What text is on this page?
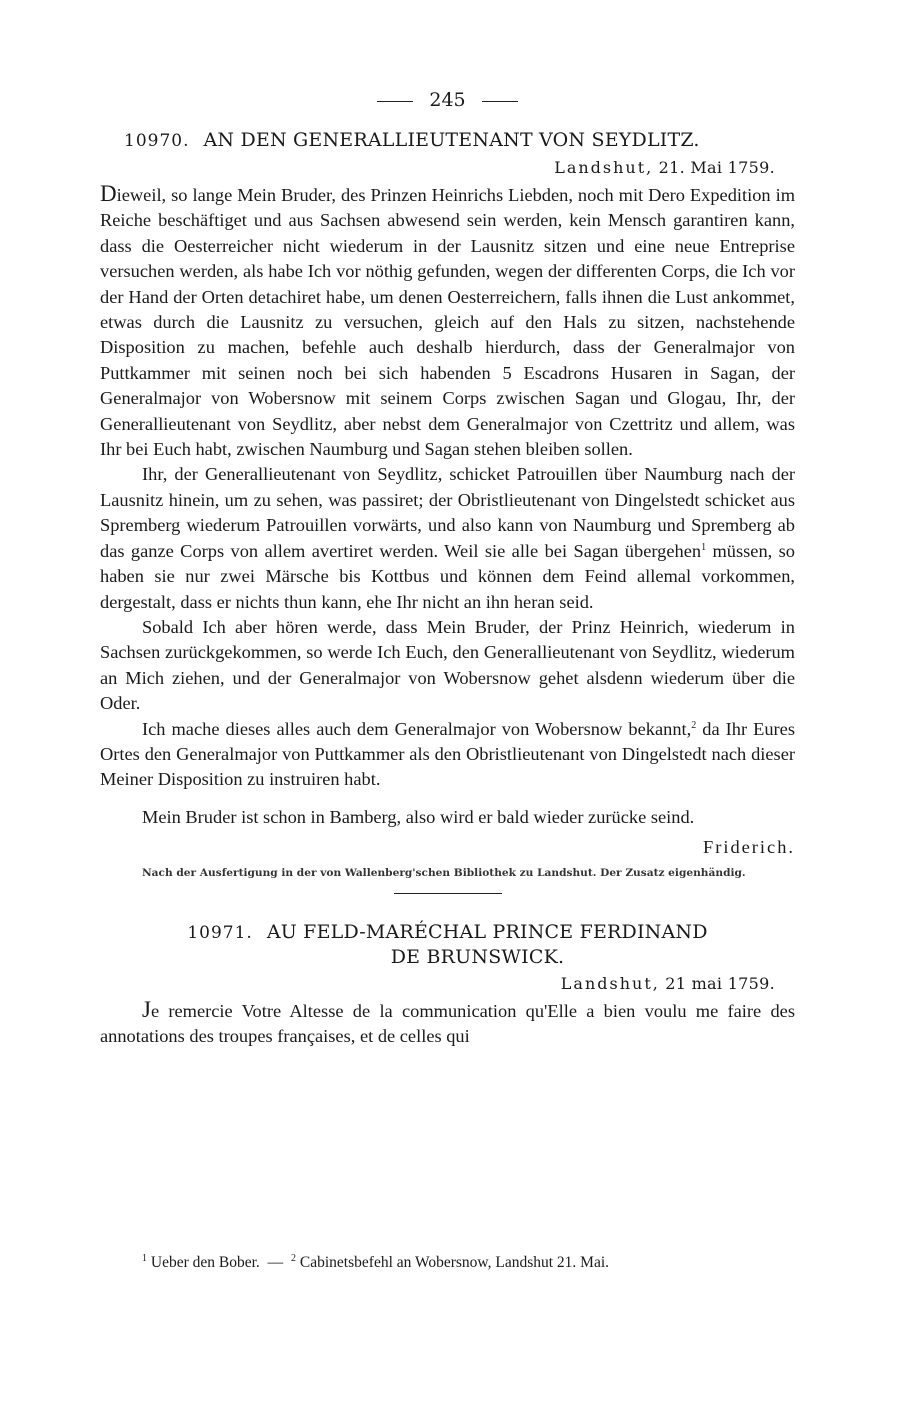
245
10970. AN DEN GENERALLIEUTENANT VON SEYDLITZ.
Landshut, 21. Mai 1759.

Dieweil, so lange Mein Bruder, des Prinzen Heinrichs Liebden, noch mit Dero Expedition im Reiche beschäftiget und aus Sachsen abwesend sein werden, kein Mensch garantiren kann, dass die Oesterreicher nicht wiederum in der Lausnitz sitzen und eine neue Entreprise versuchen werden, als habe Ich vor nöthig gefunden, wegen der differenten Corps, die Ich vor der Hand der Orten detachiret habe, um denen Oesterreichern, falls ihnen die Lust ankommet, etwas durch die Lausnitz zu versuchen, gleich auf den Hals zu sitzen, nachstehende Disposition zu machen, befehle auch deshalb hierdurch, dass der Generalmajor von Puttkammer mit seinen noch bei sich habenden 5 Escadrons Husaren in Sagan, der Generalmajor von Wobersnow mit seinem Corps zwischen Sagan und Glogau, Ihr, der Generallieutenant von Seydlitz, aber nebst dem Generalmajor von Czettritz und allem, was Ihr bei Euch habt, zwischen Naumburg und Sagan stehen bleiben sollen.

Ihr, der Generallieutenant von Seydlitz, schicket Patrouillen über Naumburg nach der Lausnitz hinein, um zu sehen, was passiret; der Obristlieutenant von Dingelstedt schicket aus Spremberg wiederum Patrouillen vorwärts, und also kann von Naumburg und Spremberg ab das ganze Corps von allem avertiret werden. Weil sie alle bei Sagan übergehen$^1$ müssen, so haben sie nur zwei Märsche bis Kottbus und können dem Feind allemal vorkommen, dergestalt, dass er nichts thun kann, ehe Ihr nicht an ihn heran seid.

Sobald Ich aber hören werde, dass Mein Bruder, der Prinz Heinrich, wiederum in Sachsen zurückgekommen, so werde Ich Euch, den Generallieutenant von Seydlitz, wiederum an Mich ziehen, und der Generalmajor von Wobersnow gehet alsdenn wiederum über die Oder.

Ich mache dieses alles auch dem Generalmajor von Wobersnow bekannt,$^2$ da Ihr Eures Ortes den Generalmajor von Puttkammer als den Obristlieutenant von Dingelstedt nach dieser Meiner Disposition zu instruiren habt.

Mein Bruder ist schon in Bamberg, also wird er bald wieder zurücke seind.

Friderich.

Nach der Ausfertigung in der von Wallenberg'schen Bibliothek zu Landshut. Der Zusatz eigenhändig.
10971. AU FELD-MARÉCHAL PRINCE FERDINAND
DE BRUNSWICK.
Landshut, 21 mai 1759.

Je remercie Votre Altesse de la communication qu'Elle a bien voulu me faire des annotations des troupes françaises, et de celles qui

$^1$ Ueber den Bober. — $^2$ Cabinetsbefehl an Wobersnow, Landshut 21. Mai.
